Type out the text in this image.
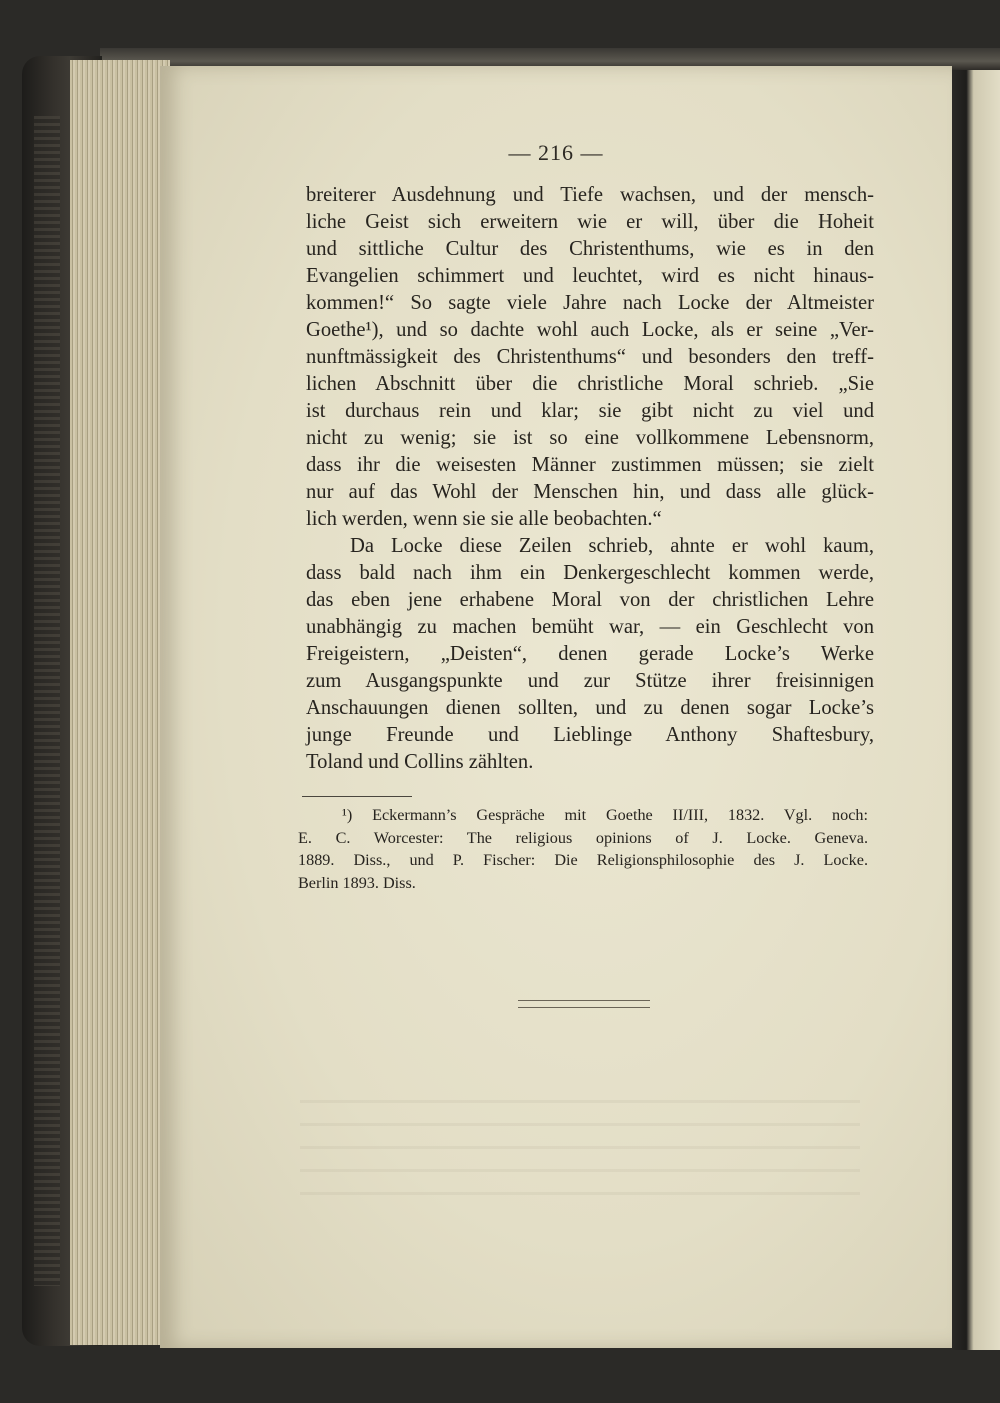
— 216 —
breiterer Ausdehnung und Tiefe wachsen, und der mensch-
liche Geist sich erweitern wie er will, über die Hoheit
und sittliche Cultur des Christenthums, wie es in den
Evangelien schimmert und leuchtet, wird es nicht hinaus-
kommen!“ So sagte viele Jahre nach Locke der Altmeister
Goethe¹), und so dachte wohl auch Locke, als er seine „Ver-
nunftmässigkeit des Christenthums“ und besonders den treff-
lichen Abschnitt über die christliche Moral schrieb. „Sie
ist durchaus rein und klar; sie gibt nicht zu viel und
nicht zu wenig; sie ist so eine vollkommene Lebensnorm,
dass ihr die weisesten Männer zustimmen müssen; sie zielt
nur auf das Wohl der Menschen hin, und dass alle glück-
lich werden, wenn sie sie alle beobachten.“
Da Locke diese Zeilen schrieb, ahnte er wohl kaum,
dass bald nach ihm ein Denkergeschlecht kommen werde,
das eben jene erhabene Moral von der christlichen Lehre
unabhängig zu machen bemüht war, — ein Geschlecht von
Freigeistern, „Deisten“, denen gerade Locke’s Werke
zum Ausgangspunkte und zur Stütze ihrer freisinnigen
Anschauungen dienen sollten, und zu denen sogar Locke’s
junge Freunde und Lieblinge Anthony Shaftesbury,
Toland und Collins zählten.
¹) Eckermann’s Gespräche mit Goethe II/III, 1832. Vgl. noch:
E. C. Worcester: The religious opinions of J. Locke. Geneva.
1889. Diss., und P. Fischer: Die Religionsphilosophie des J. Locke.
Berlin 1893. Diss.
